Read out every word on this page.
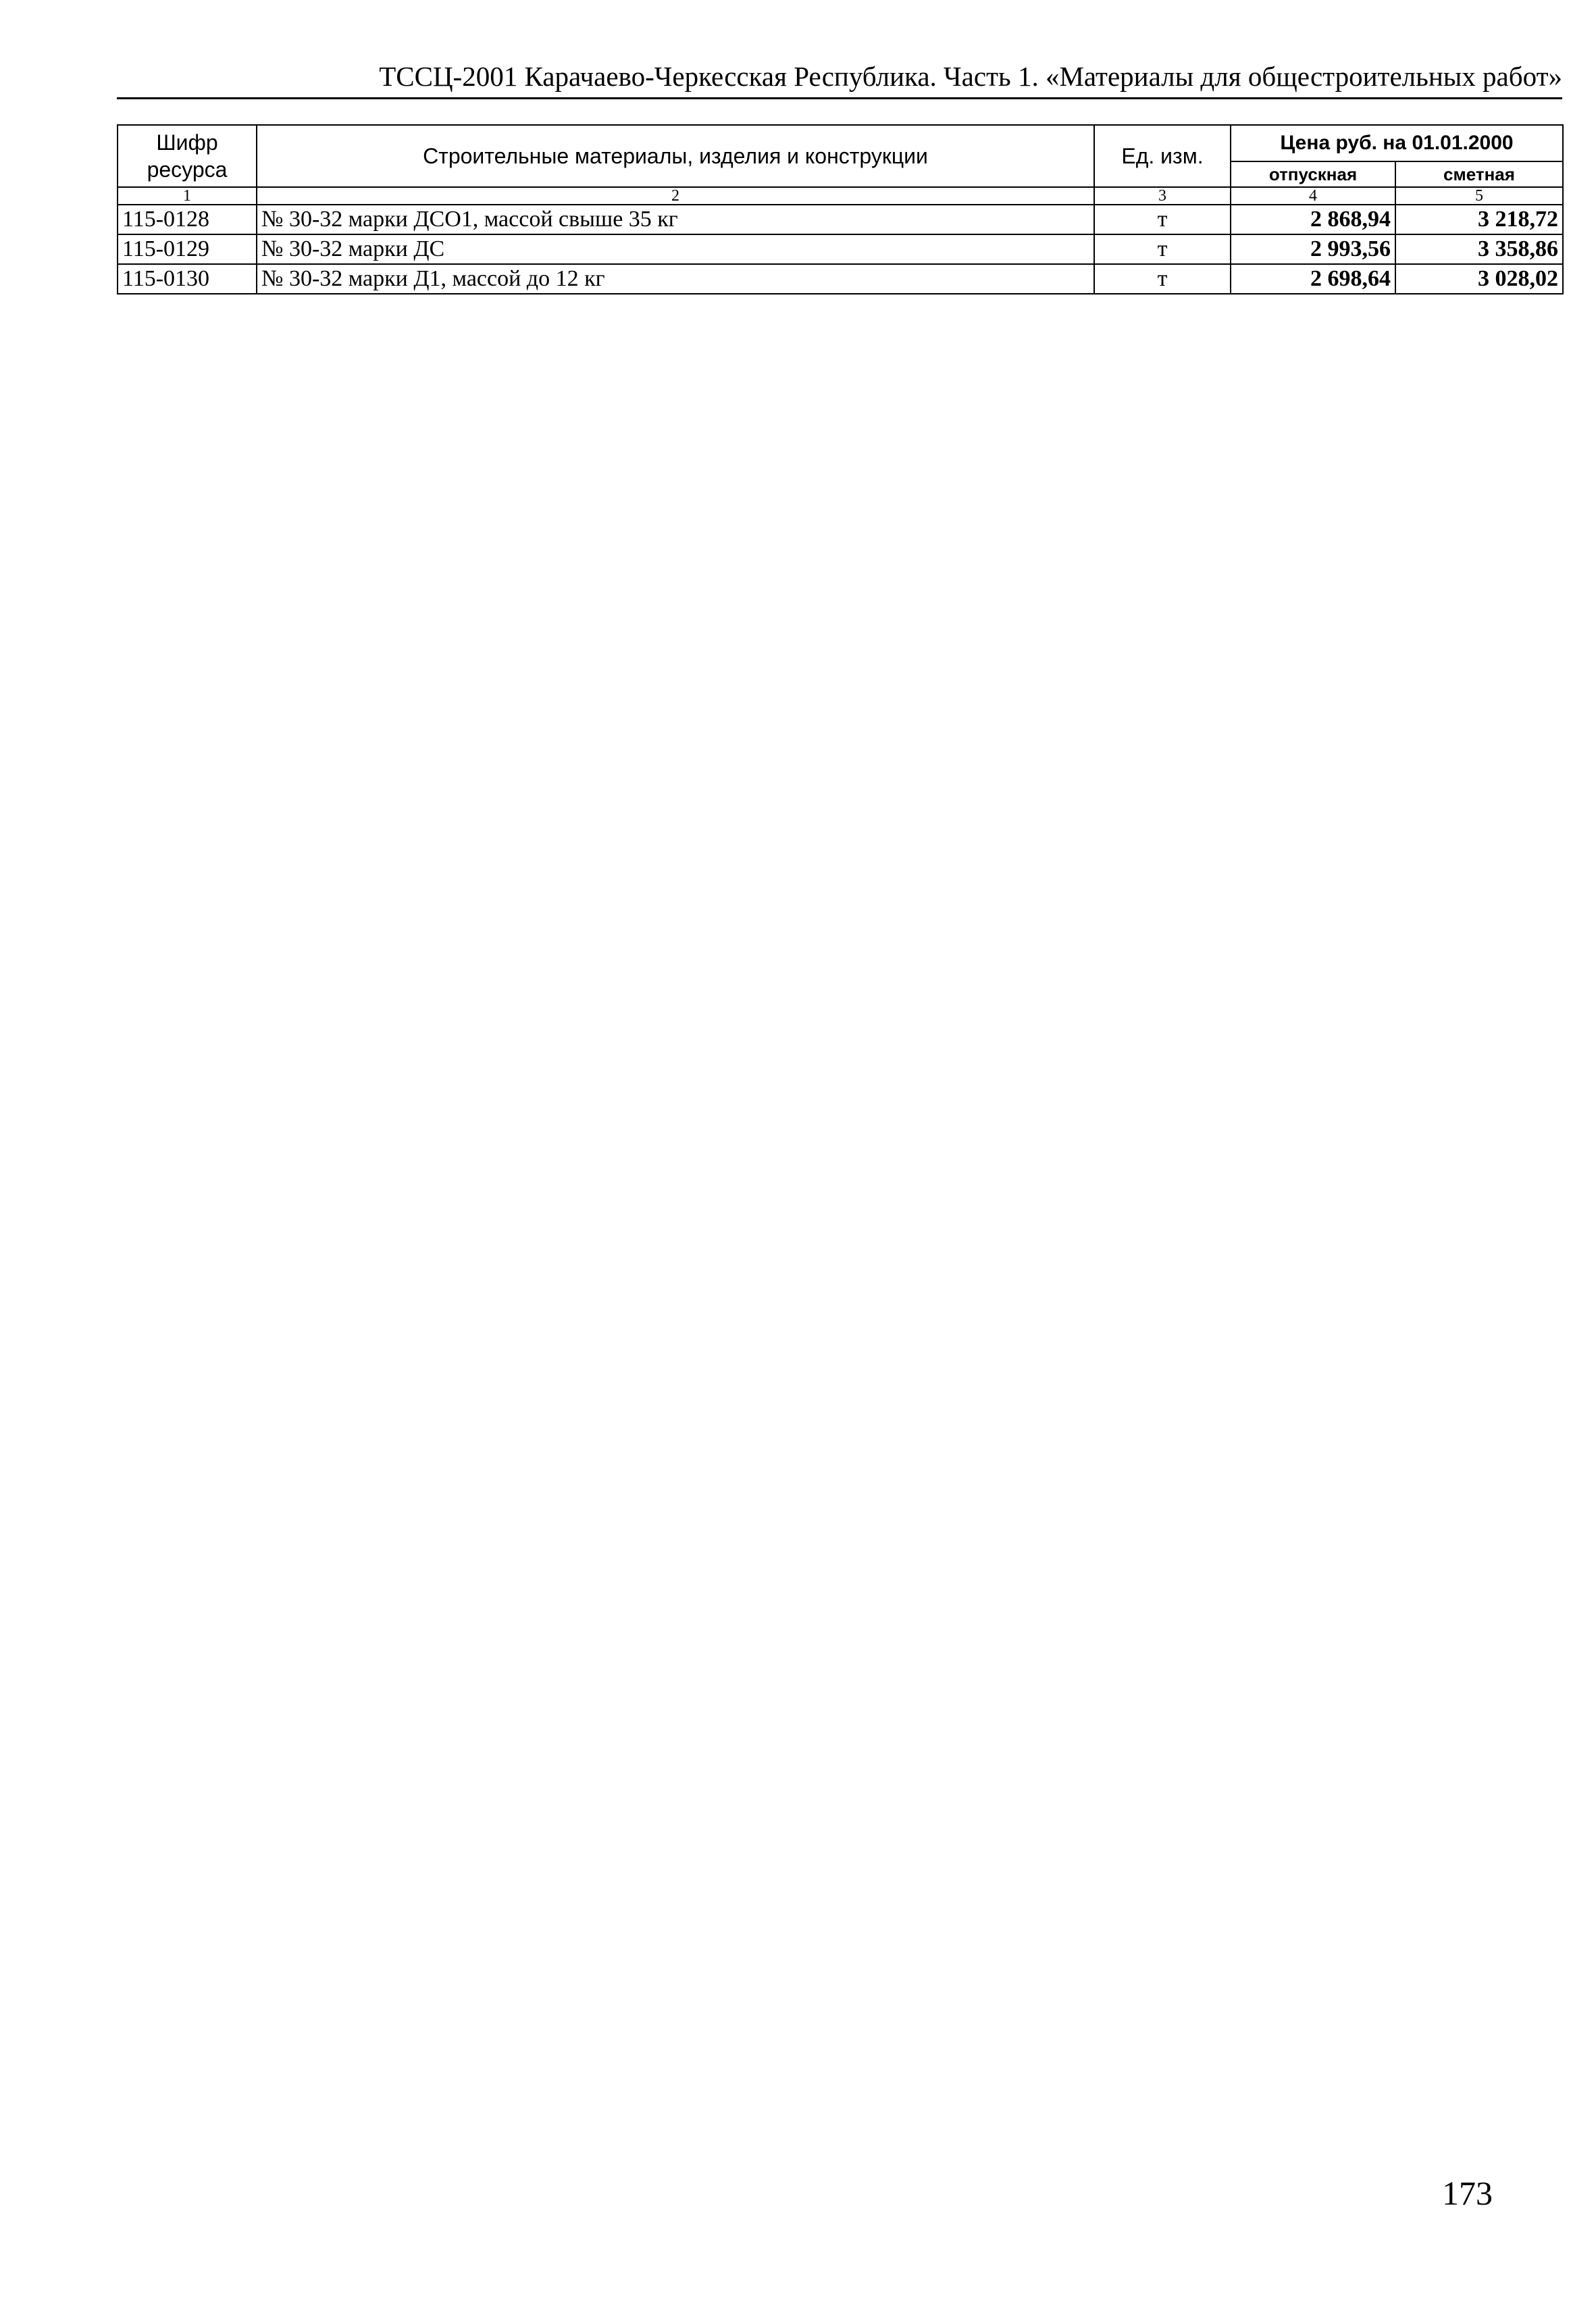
ТССЦ-2001 Карачаево-Черкесская Республика. Часть 1. «Материалы для общестроительных работ»
Шифр ресурса	Строительные материалы, изделия и конструкции	Ед. изм.	Цена руб. на 01.01.2000	
			отпускная	сметная
1	2	3	4	5
115-0128	№ 30-32 марки ДСО1, массой свыше 35 кг	т	2 868,94	3 218,72
115-0129	№ 30-32 марки ДС	т	2 993,56	3 358,86
115-0130	№ 30-32 марки Д1, массой до 12 кг	т	2 698,64	3 028,02
173
